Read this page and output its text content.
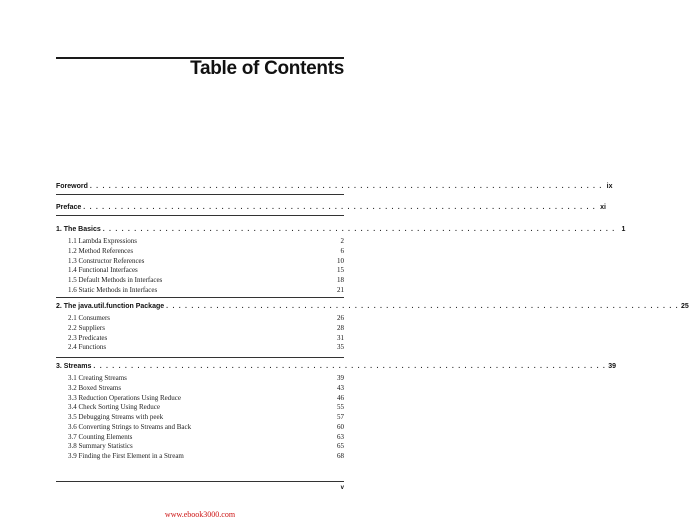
Table of Contents
Foreword . . . . . . . . . . . . . . . . . . . . . . . . . . . . . . . . . . . . . . . . . . . . . . . . . . . . . . . . . . . . . . . . . . . . . . . . . . . . . . . . . . ix
Preface . . . . . . . . . . . . . . . . . . . . . . . . . . . . . . . . . . . . . . . . . . . . . . . . . . . . . . . . . . . . . . . . . . . . . . . . . . . . . . . . . . xi
1. The Basics . . . . . . . . . . . . . . . . . . . . . . . . . . . . . . . . . . . . . . . . . . . . . . . . . . . . . . . . . . . . . . . . . . . . . . . . . . . . . . . . . . 1
1.1 Lambda Expressions	2
1.2 Method References	6
1.3 Constructor References	10
1.4 Functional Interfaces	15
1.5 Default Methods in Interfaces	18
1.6 Static Methods in Interfaces	21
2. The java.util.function Package . . . . . . . . . . . . . . . . . . . . . . . . . . . . . . . . . . . . . . . . . . . . . . . . . . . . . . . . . . . . . . . . . . . . . . . . . . . . . . . . . . 25
2.1 Consumers	26
2.2 Suppliers	28
2.3 Predicates	31
2.4 Functions	35
3. Streams . . . . . . . . . . . . . . . . . . . . . . . . . . . . . . . . . . . . . . . . . . . . . . . . . . . . . . . . . . . . . . . . . . . . . . . . . . . . . . . . . . 39
3.1 Creating Streams	39
3.2 Boxed Streams	43
3.3 Reduction Operations Using Reduce	46
3.4 Check Sorting Using Reduce	55
3.5 Debugging Streams with peek	57
3.6 Converting Strings to Streams and Back	60
3.7 Counting Elements	63
3.8 Summary Statistics	65
3.9 Finding the First Element in a Stream	68
v
www.ebook3000.com
